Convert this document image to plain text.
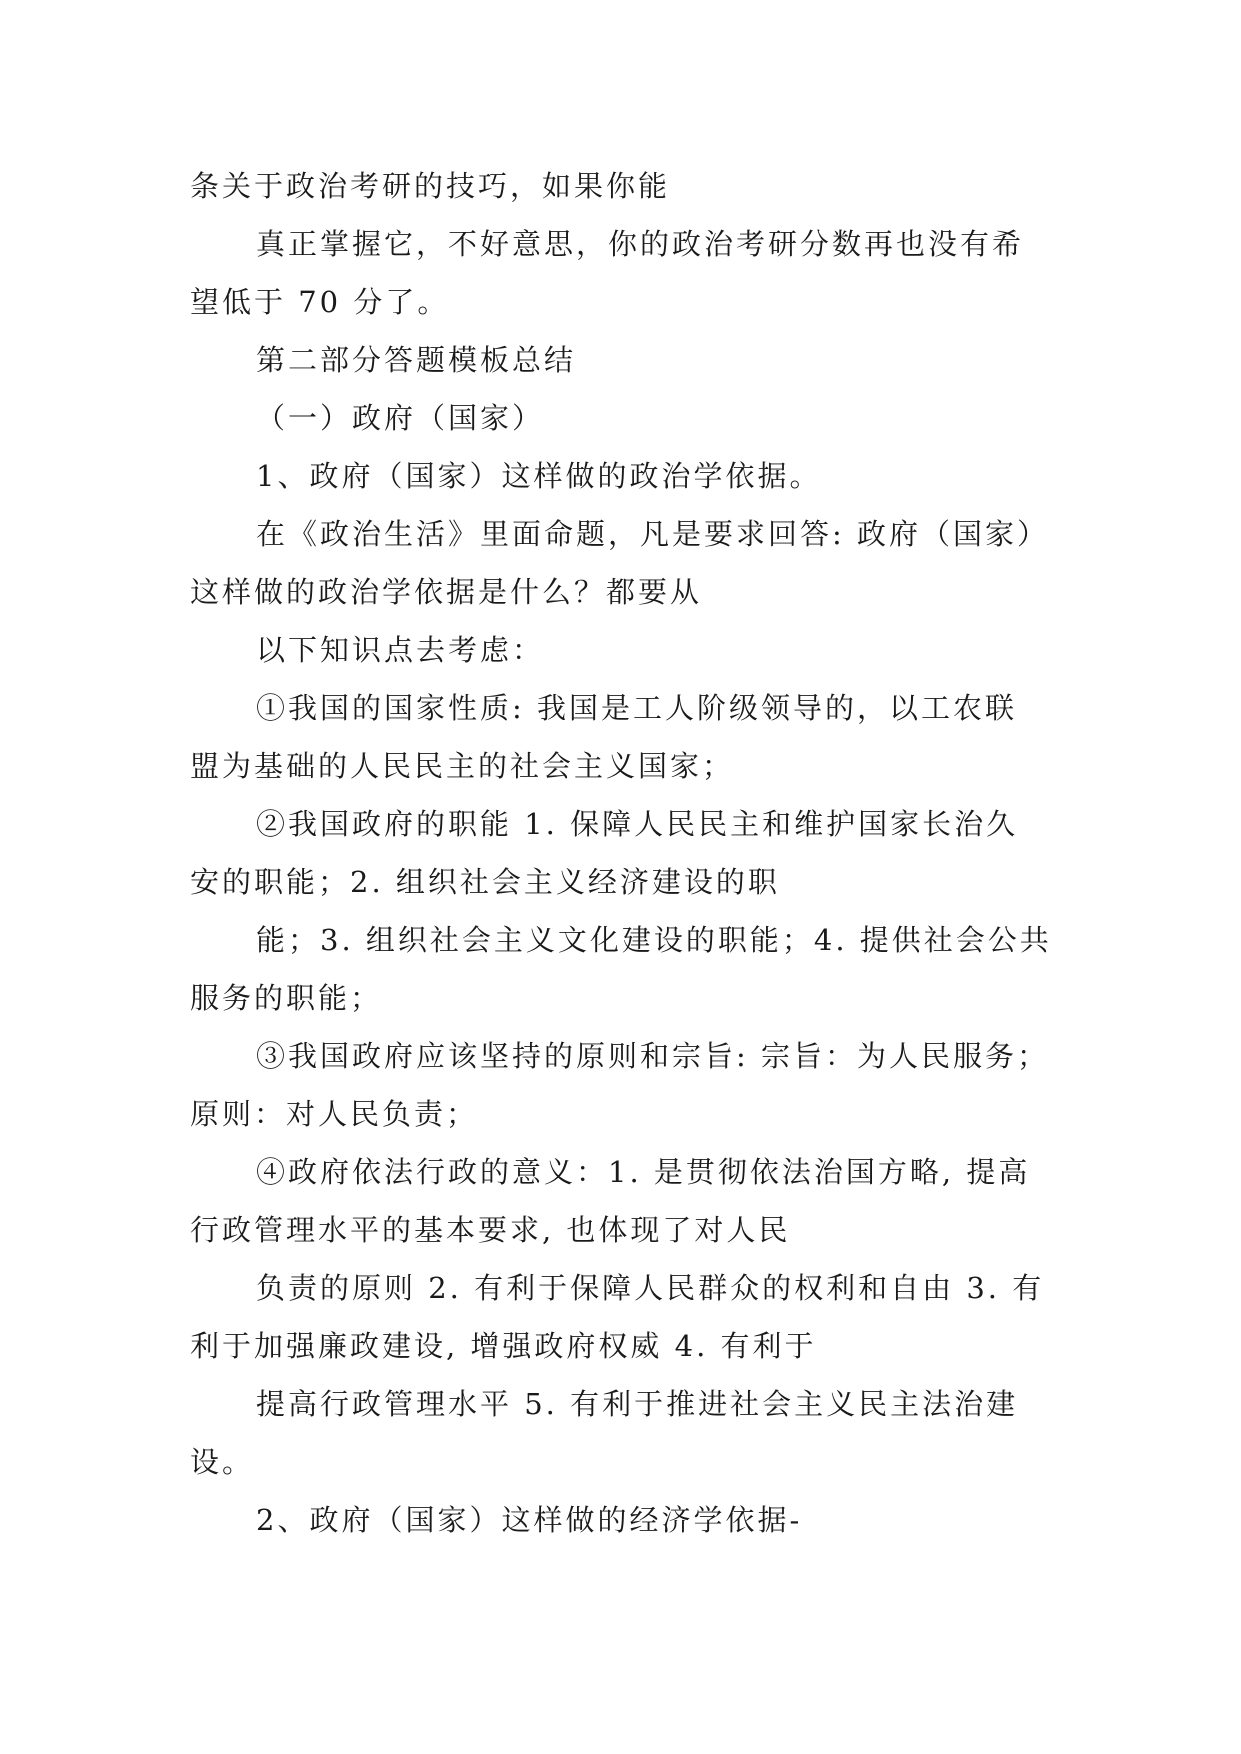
条关于政治考研的技巧，如果你能
真正掌握它，不好意思，你的政治考研分数再也没有希
望低于 70 分了。
第二部分答题模板总结
（一）政府（国家）
1、政府（国家）这样做的政治学依据。
在《政治生活》里面命题，凡是要求回答: 政府（国家）
这样做的政治学依据是什么？都要从
以下知识点去考虑：
①我国的国家性质: 我国是工人阶级领导的，以工农联
盟为基础的人民民主的社会主义国家；
②我国政府的职能 1. 保障人民民主和维护国家长治久
安的职能；2. 组织社会主义经济建设的职
能；3. 组织社会主义文化建设的职能；4. 提供社会公共
服务的职能；
③我国政府应该坚持的原则和宗旨: 宗旨：为人民服务；
原则：对人民负责；
④政府依法行政的意义：1. 是贯彻依法治国方略, 提高
行政管理水平的基本要求, 也体现了对人民
负责的原则 2. 有利于保障人民群众的权利和自由 3. 有
利于加强廉政建设, 增强政府权威 4. 有利于
提高行政管理水平 5. 有利于推进社会主义民主法治建
设。
2、政府（国家）这样做的经济学依据-
